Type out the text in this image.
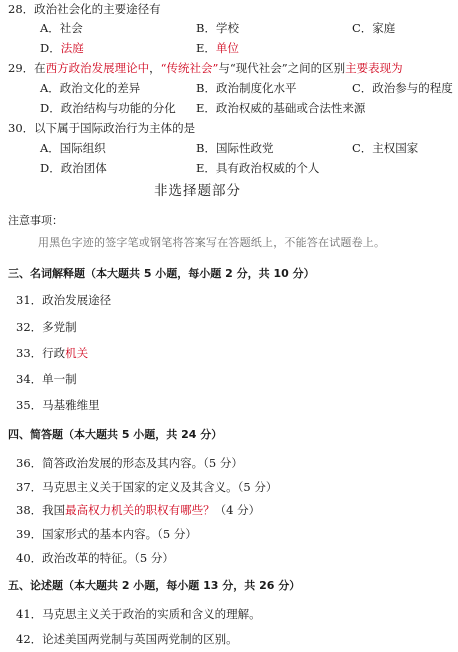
28．政治社会化的主要途径有
A．社会	B．学校	C．家庭
D．法庭	E．单位
29．在西方政治发展理论中，“传统社会”与“现代社会”之间的区别主要表现为
A．政治文化的差异	B．政治制度化水平	C．政治参与的程度
D．政治结构与功能的分化 E．政治权威的基础或合法性来源
30．以下属于国际政治行为主体的是
A．国际组织	B．国际性政党	C．主权国家
D．政治团体	E．具有政治权威的个人
非选择题部分
注意事项：
用黑色字迹的签字笔或钢笔将答案写在答题纸上，不能答在试题卷上。
三、名词解释题（本大题共 5 小题，每小题 2 分，共 10 分）
31．政治发展途径
32．多党制
33．行政机关
34．单一制
35．马基雅维里
四、简答题（本大题共 5 小题，共 24 分）
36．简答政治发展的形态及其内容。（5 分）
37．马克思主义关于国家的定义及其含义。（5 分）
38．我国最高权力机关的职权有哪些？（4 分）
39．国家形式的基本内容。（5 分）
40．政治改革的特征。（5 分）
五、论述题（本大题共 2 小题，每小题 13 分，共 26 分）
41．马克思主义关于政治的实质和含义的理解。
42．论述美国两党制与英国两党制的区别。
